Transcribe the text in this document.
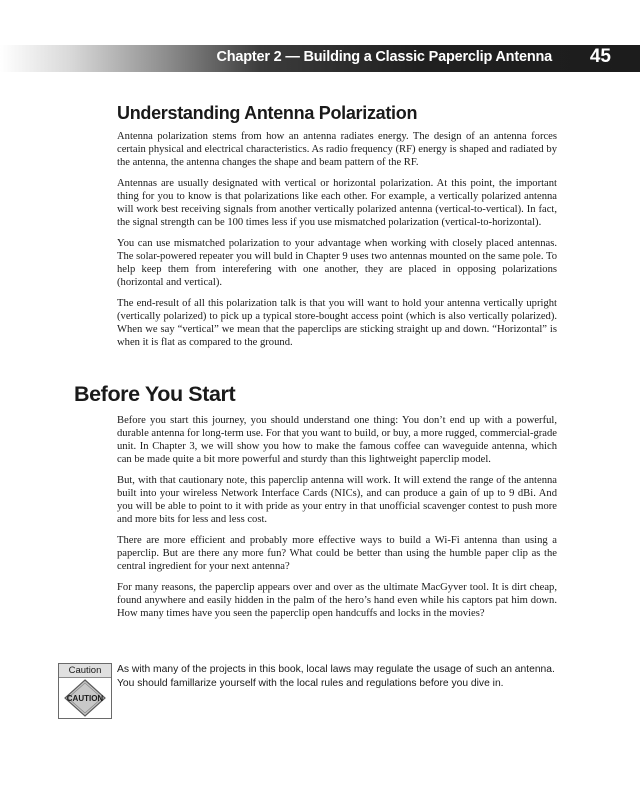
Chapter 2 — Building a Classic Paperclip Antenna 45
Understanding Antenna Polarization

Antenna polarization stems from how an antenna radiates energy. The design of an antenna forces certain physical and electrical characteristics. As radio frequency (RF) energy is shaped and radiated by the antenna, the antenna changes the shape and beam pattern of the RF.

Antennas are usually designated with vertical or horizontal polarization. At this point, the important thing for you to know is that polarizations like each other. For example, a vertically polarized antenna will work best receiving signals from another vertically polarized antenna (vertical-to-vertical). In fact, the signal strength can be 100 times less if you use mismatched polarization (vertical-to-horizontal).

You can use mismatched polarization to your advantage when working with closely placed antennas. The solar-powered repeater you will buld in Chapter 9 uses two antennas mounted on the same pole. To help keep them from interefering with one another, they are placed in opposing polarizations (horizontal and vertical).

The end-result of all this polarization talk is that you will want to hold your antenna vertically upright (vertically polarized) to pick up a typical store-bought access point (which is also vertically polarized). When we say “vertical” we mean that the paperclips are sticking straight up and down. “Horizontal” is when it is flat as compared to the ground.

Before You Start

Before you start this journey, you should understand one thing: You don’t end up with a powerful, durable antenna for long-term use. For that you want to build, or buy, a more rugged, commercial-grade unit. In Chapter 3, we will show you how to make the famous coffee can waveguide antenna, which can be made quite a bit more powerful and sturdy than this lightweight paperclip model.

But, with that cautionary note, this paperclip antenna will work. It will extend the range of the antenna built into your wireless Network Interface Cards (NICs), and can produce a gain of up to 9 dBi. And you will be able to point to it with pride as your entry in that unofficial scavenger contest to push more and more bits for less and less cost.

There are more efficient and probably more effective ways to build a Wi-Fi antenna than using a paperclip. But are there any more fun? What could be better than using the humble paper clip as the central ingredient for your next antenna?

For many reasons, the paperclip appears over and over as the ultimate MacGyver tool. It is dirt cheap, found anywhere and easily hidden in the palm of the hero’s hand even while his captors pat him down. How many times have you seen the paperclip open handcuffs and locks in the movies?

Caution
CAUTION

As with many of the projects in this book, local laws may regulate the usage of such an antenna. You should famillarize yourself with the local rules and regulations before you dive in.
